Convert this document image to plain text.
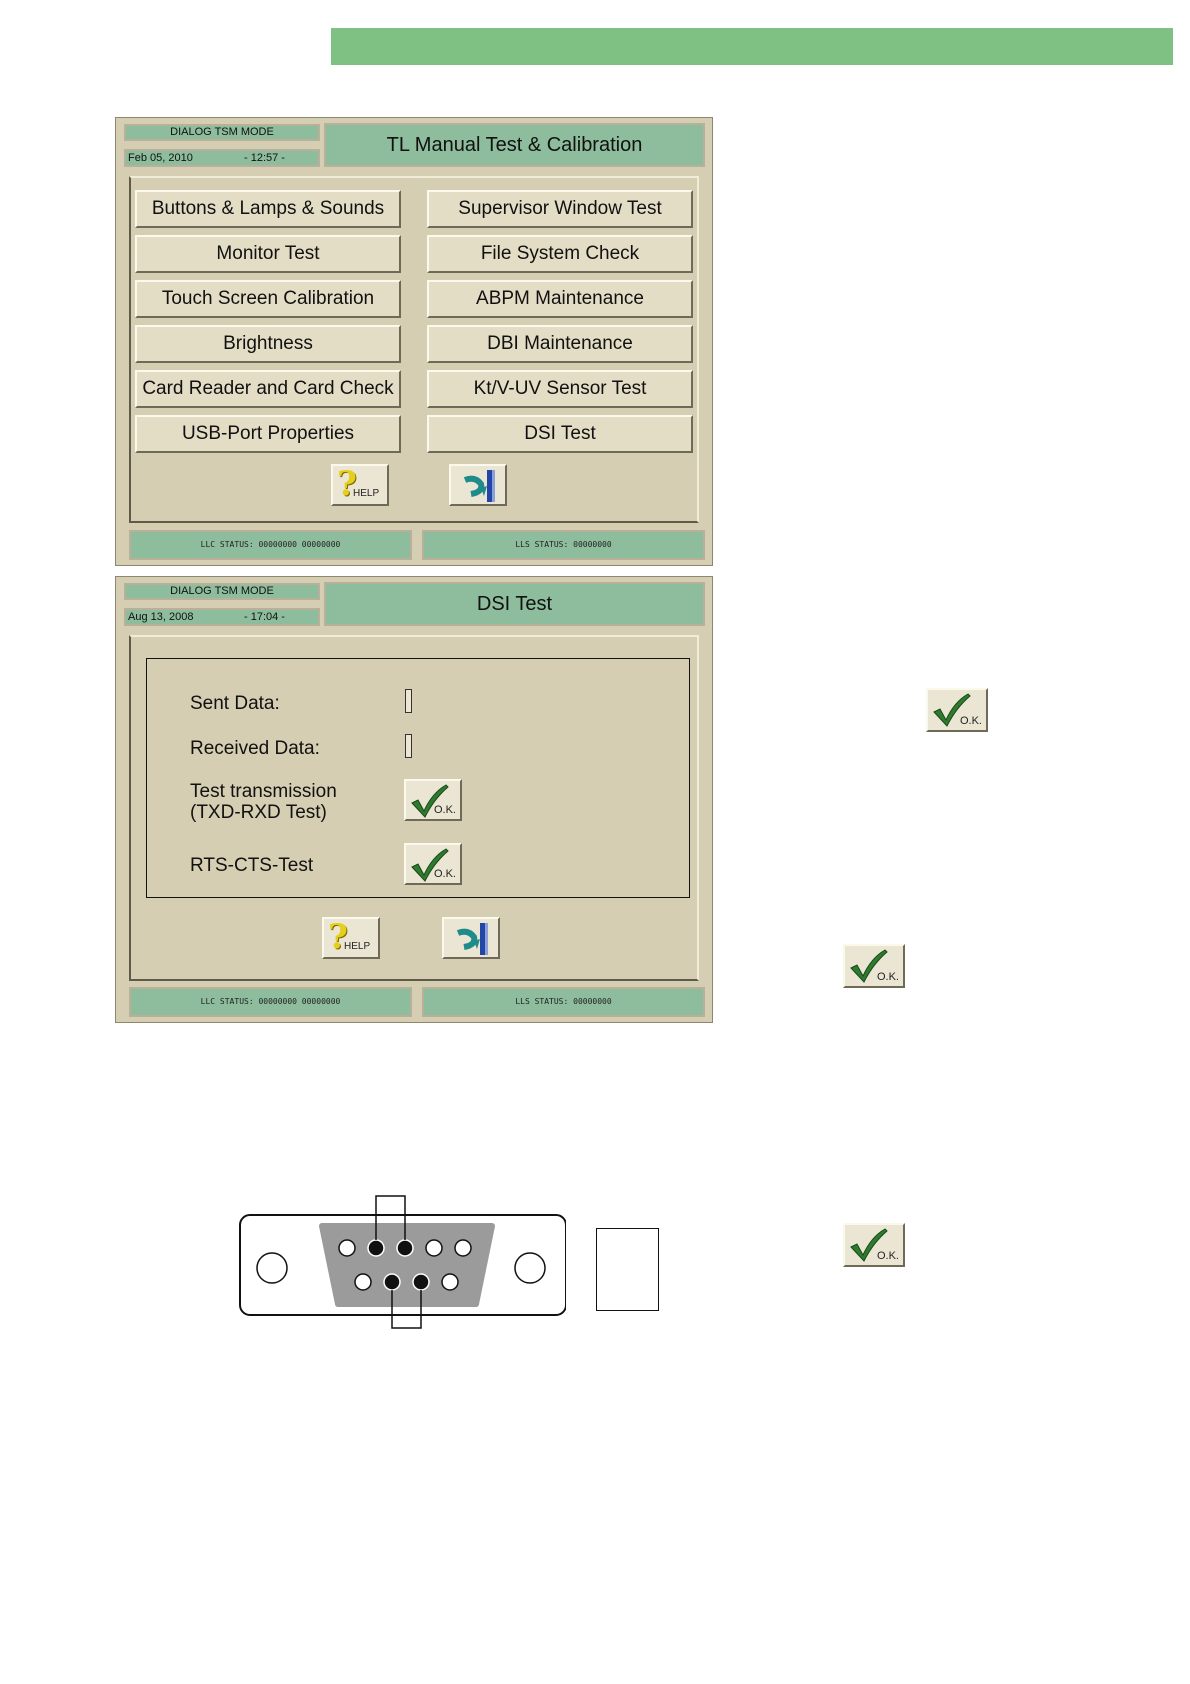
DIALOG TSM MODE
Feb 05, 2010	- 12:57 -
TL Manual Test & Calibration
Buttons & Lamps & Sounds
Monitor Test
Touch Screen Calibration
Brightness
Card Reader and Card Check
USB-Port Properties
Supervisor Window Test
File System Check
ABPM Maintenance
DBI Maintenance
Kt/V-UV Sensor Test
DSI Test
?
HELP
LLC STATUS: 00000000 00000000	LLS STATUS: 00000000
DIALOG TSM MODE
Aug 13, 2008	- 17:04 -
DSI Test
Sent Data:
Received Data:
Test transmission
(TXD-RXD Test)	O.K.
RTS-CTS-Test	O.K.
?
HELP
LLC STATUS: 00000000 00000000	LLS STATUS: 00000000
O.K.
O.K.
O.K.
